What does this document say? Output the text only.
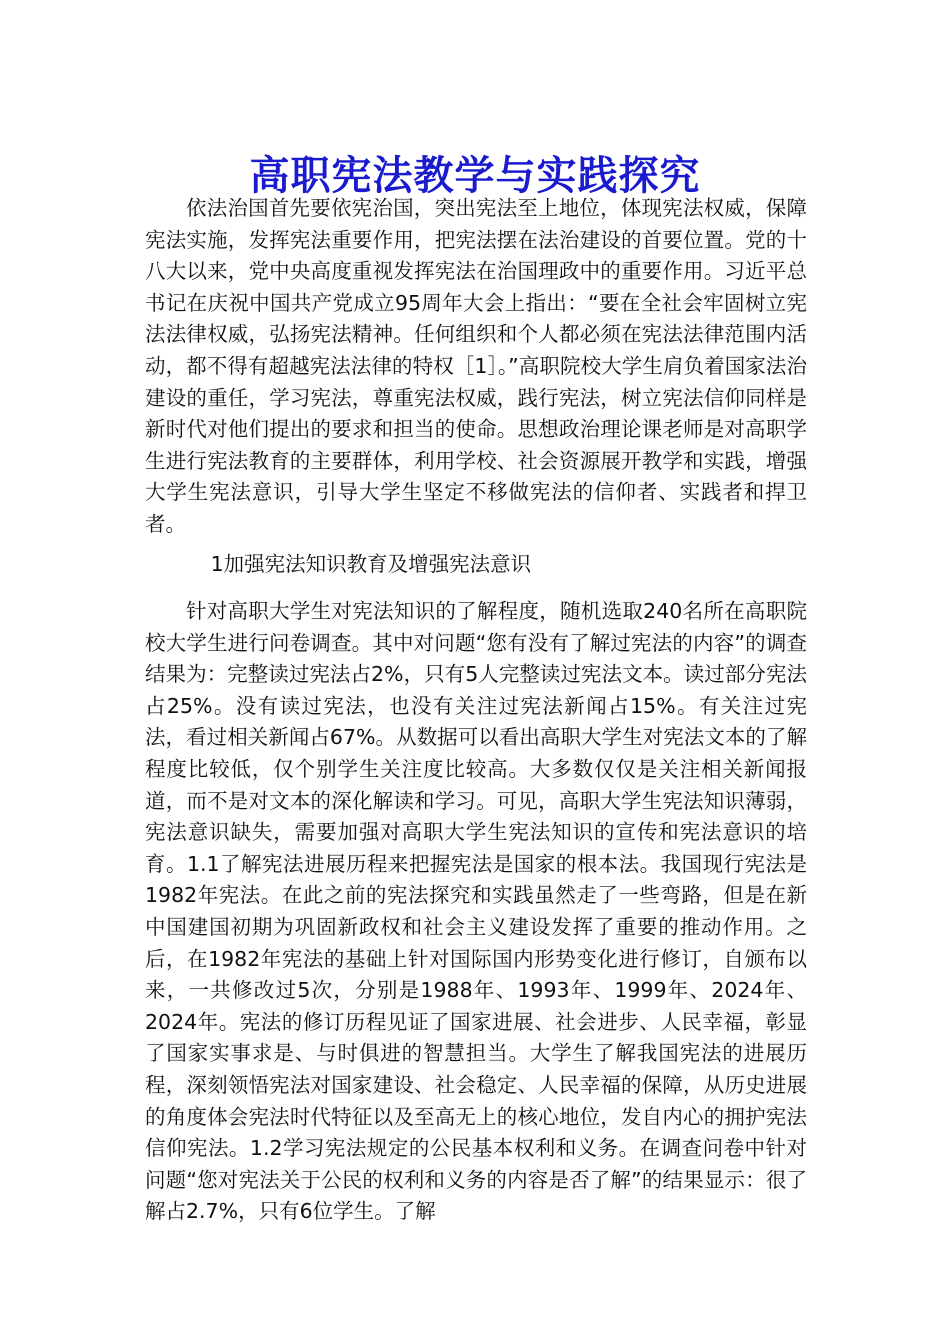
高职宪法教学与实践探究

依法治国首先要依宪治国，突出宪法至上地位，体现宪法权威，保障宪法实施，发挥宪法重要作用，把宪法摆在法治建设的首要位置。党的十八大以来，党中央高度重视发挥宪法在治国理政中的重要作用。习近平总书记在庆祝中国共产党成立95周年大会上指出：“要在全社会牢固树立宪法法律权威，弘扬宪法精神。任何组织和个人都必须在宪法法律范围内活动，都不得有超越宪法法律的特权［1］。”高职院校大学生肩负着国家法治建设的重任，学习宪法，尊重宪法权威，践行宪法，树立宪法信仰同样是新时代对他们提出的要求和担当的使命。思想政治理论课老师是对高职学生进行宪法教育的主要群体，利用学校、社会资源展开教学和实践，增强大学生宪法意识，引导大学生坚定不移做宪法的信仰者、实践者和捍卫者。

1加强宪法知识教育及增强宪法意识

针对高职大学生对宪法知识的了解程度，随机选取240名所在高职院校大学生进行问卷调查。其中对问题“您有没有了解过宪法的内容”的调查结果为：完整读过宪法占2%，只有5人完整读过宪法文本。读过部分宪法占25%。没有读过宪法，也没有关注过宪法新闻占15%。有关注过宪法，看过相关新闻占67%。从数据可以看出高职大学生对宪法文本的了解程度比较低，仅个别学生关注度比较高。大多数仅仅是关注相关新闻报道，而不是对文本的深化解读和学习。可见，高职大学生宪法知识薄弱，宪法意识缺失，需要加强对高职大学生宪法知识的宣传和宪法意识的培育。1.1了解宪法进展历程来把握宪法是国家的根本法。我国现行宪法是1982年宪法。在此之前的宪法探究和实践虽然走了一些弯路，但是在新中国建国初期为巩固新政权和社会主义建设发挥了重要的推动作用。之后，在1982年宪法的基础上针对国际国内形势变化进行修订，自颁布以来，一共修改过5次，分别是1988年、1993年、1999年、2024年、2024年。宪法的修订历程见证了国家进展、社会进步、人民幸福，彰显了国家实事求是、与时俱进的智慧担当。大学生了解我国宪法的进展历程，深刻领悟宪法对国家建设、社会稳定、人民幸福的保障，从历史进展的角度体会宪法时代特征以及至高无上的核心地位，发自内心的拥护宪法信仰宪法。1.2学习宪法规定的公民基本权利和义务。在调查问卷中针对问题“您对宪法关于公民的权利和义务的内容是否了解”的结果显示：很了解占2.7%，只有6位学生。了解
